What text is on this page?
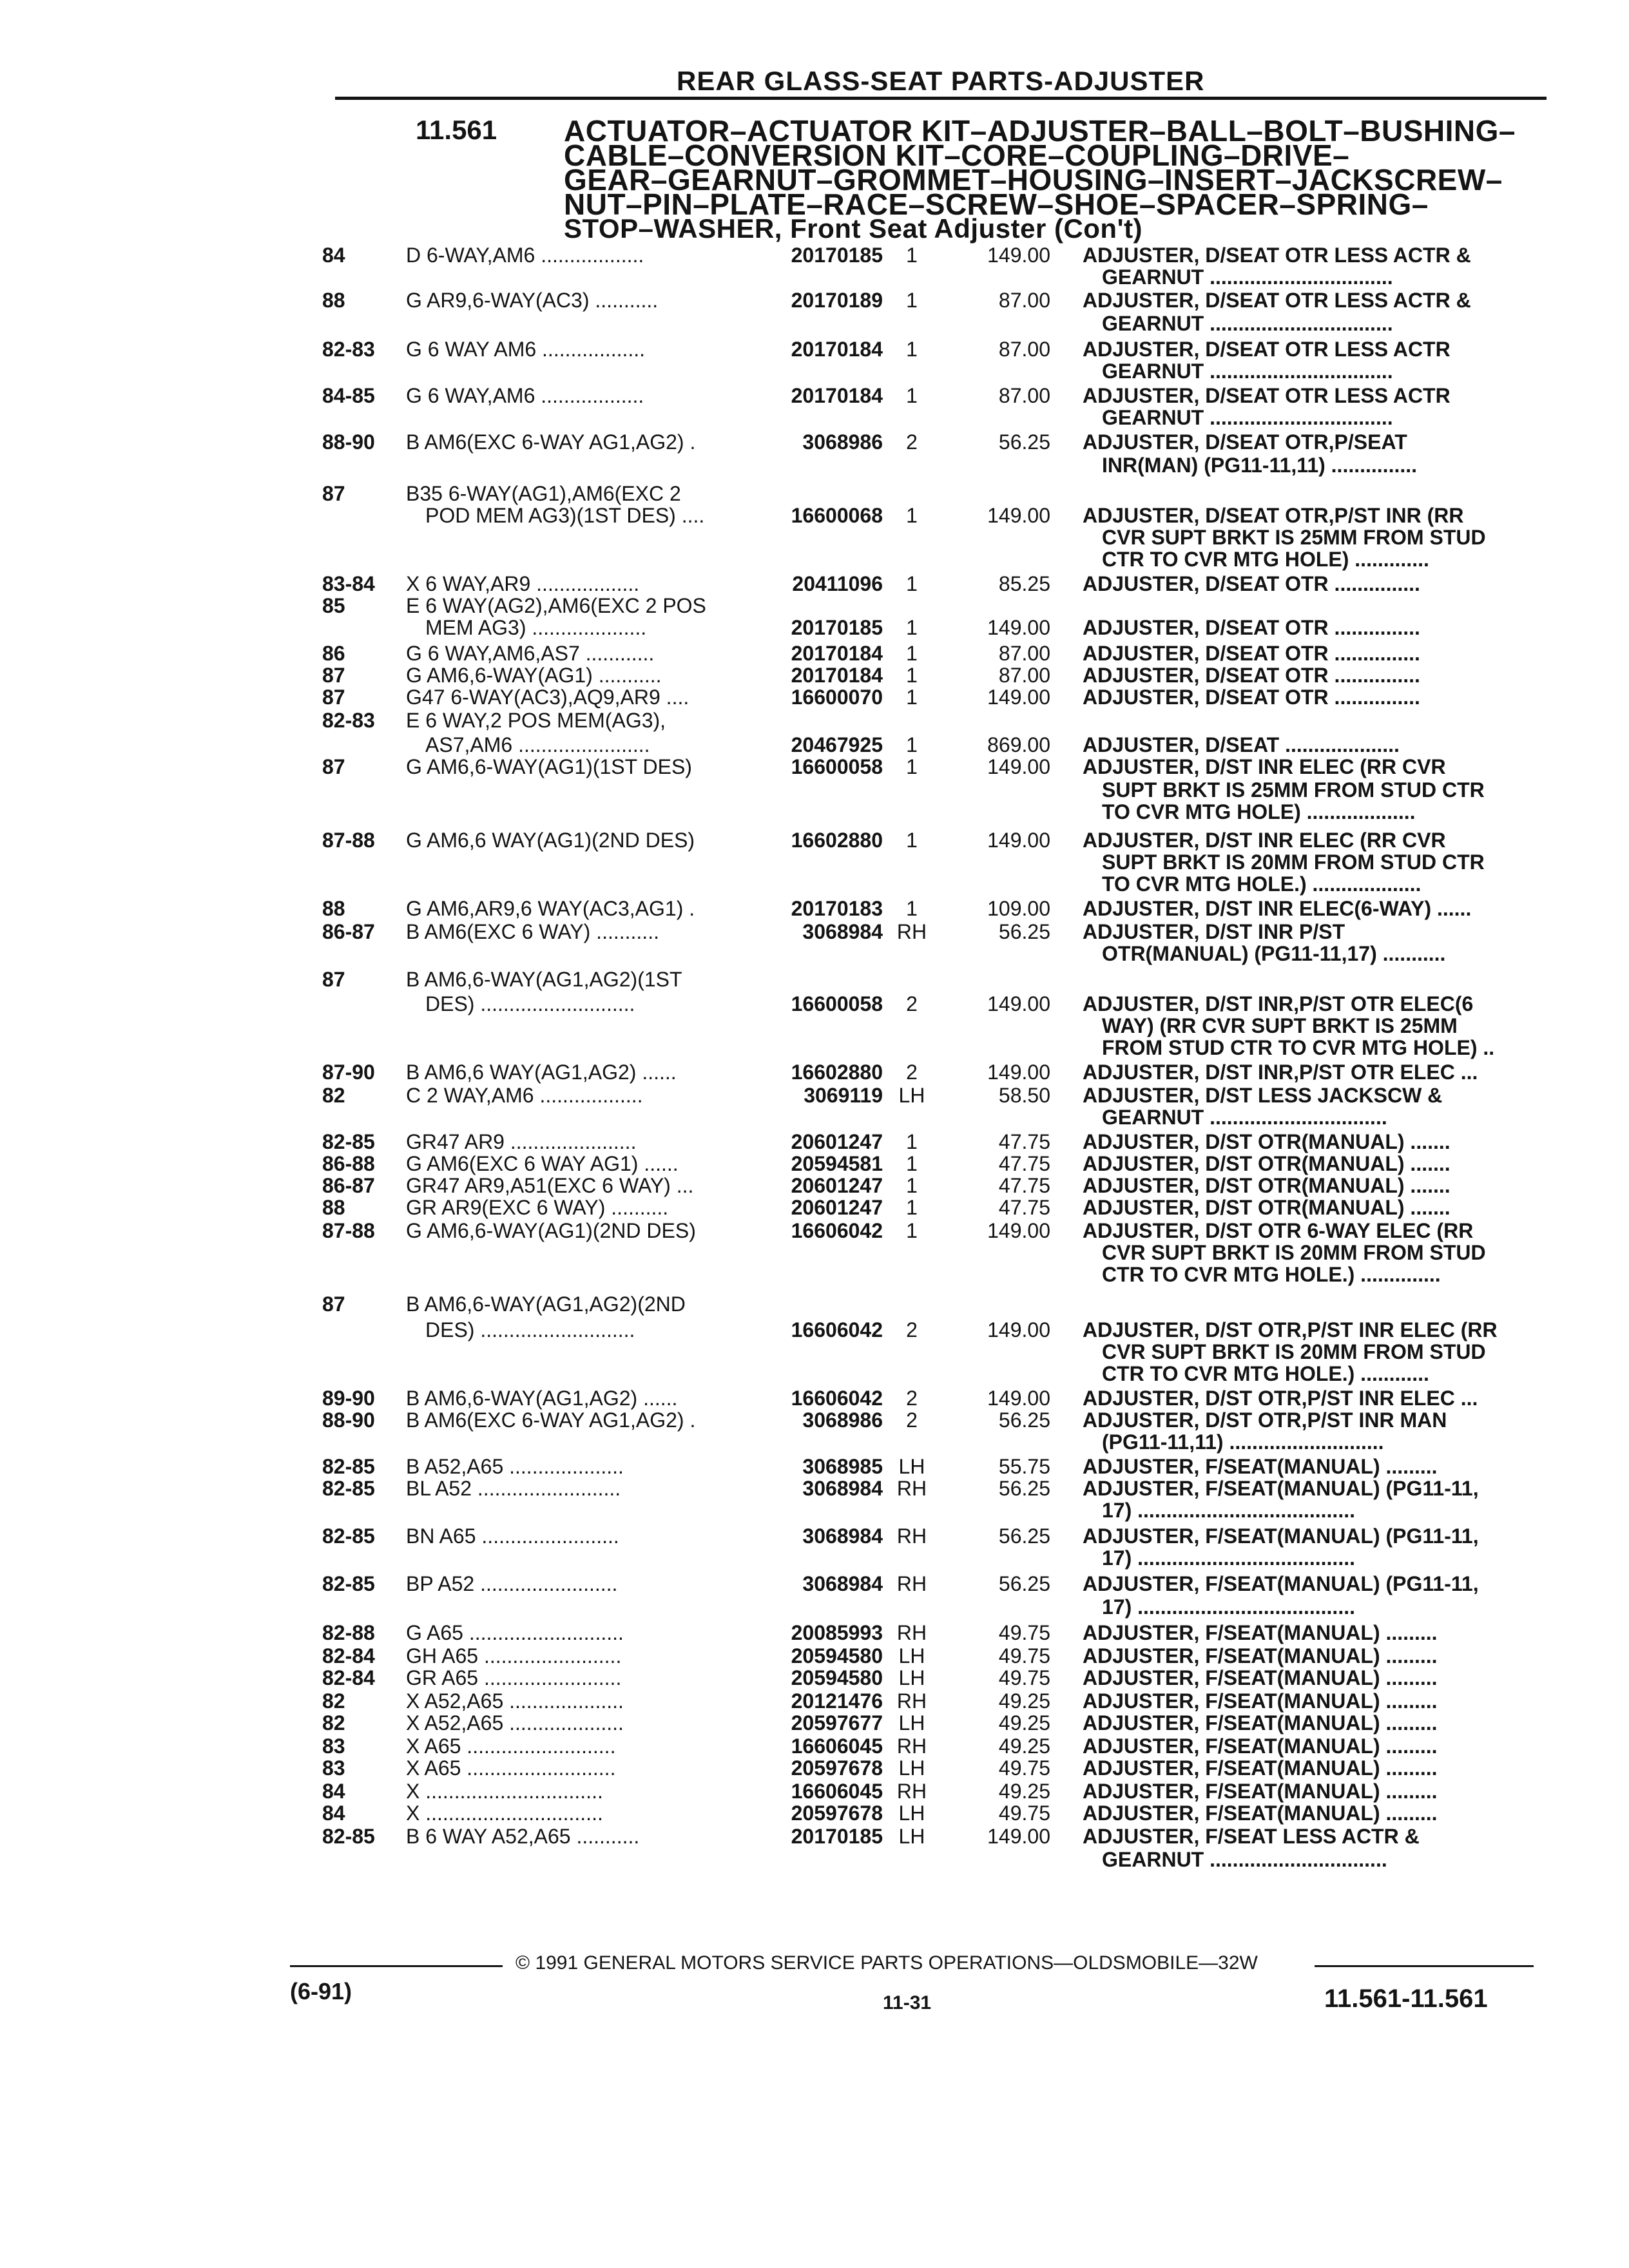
REAR GLASS-SEAT PARTS-ADJUSTER
11.561 ACTUATOR–ACTUATOR KIT–ADJUSTER–BALL–BOLT–BUSHING–
CABLE–CONVERSION KIT–CORE–COUPLING–DRIVE–
GEAR–GEARNUT–GROMMET–HOUSING–INSERT–JACKSCREW–
NUT–PIN–PLATE–RACE–SCREW–SHOE–SPACER–SPRING–
STOP–WASHER, Front Seat Adjuster (Con't)
84	D 6-WAY,AM6 ..................	20170185	1	149.00 ADJUSTER, D/SEAT OTR LESS ACTR &
GEARNUT ................................
88	G AR9,6-WAY(AC3) ...........	20170189	1	87.00 ADJUSTER, D/SEAT OTR LESS ACTR &
GEARNUT ................................
82-83	G 6 WAY AM6 ..................	20170184	1	87.00 ADJUSTER, D/SEAT OTR LESS ACTR
GEARNUT ................................
84-85	G 6 WAY,AM6 ..................	20170184	1	87.00 ADJUSTER, D/SEAT OTR LESS ACTR
GEARNUT ................................
88-90	B AM6(EXC 6-WAY AG1,AG2) .	3068986	2	56.25 ADJUSTER, D/SEAT OTR,P/SEAT
INR(MAN) (PG11-11,11) ...............
87	B35 6-WAY(AG1),AM6(EXC 2
POD MEM AG3)(1ST DES) ....	16600068	1	149.00 ADJUSTER, D/SEAT OTR,P/ST INR (RR
CVR SUPT BRKT IS 25MM FROM STUD
CTR TO CVR MTG HOLE) .............
83-84	X 6 WAY,AR9 ..................	20411096	1	85.25 ADJUSTER, D/SEAT OTR ...............
85	E 6 WAY(AG2),AM6(EXC 2 POS
MEM AG3) ....................	20170185	1	149.00 ADJUSTER, D/SEAT OTR ...............
86	G 6 WAY,AM6,AS7 ............	20170184	1	87.00 ADJUSTER, D/SEAT OTR ...............
87	G AM6,6-WAY(AG1) ...........	20170184	1	87.00 ADJUSTER, D/SEAT OTR ...............
87	G47 6-WAY(AC3),AQ9,AR9 ....	16600070	1	149.00 ADJUSTER, D/SEAT OTR ...............
82-83	E 6 WAY,2 POS MEM(AG3),
AS7,AM6 .......................	20467925	1	869.00 ADJUSTER, D/SEAT ....................
87	G AM6,6-WAY(AG1)(1ST DES)	16600058	1	149.00 ADJUSTER, D/ST INR ELEC (RR CVR
SUPT BRKT IS 25MM FROM STUD CTR
TO CVR MTG HOLE) ...................
87-88	G AM6,6 WAY(AG1)(2ND DES)	16602880	1	149.00 ADJUSTER, D/ST INR ELEC (RR CVR
SUPT BRKT IS 20MM FROM STUD CTR
TO CVR MTG HOLE.) ...................
88	G AM6,AR9,6 WAY(AC3,AG1) .	20170183	1	109.00 ADJUSTER, D/ST INR ELEC(6-WAY) ......
86-87	B AM6(EXC 6 WAY) ...........	3068984 RH	56.25 ADJUSTER, D/ST INR P/ST
OTR(MANUAL) (PG11-11,17) ...........
87	B AM6,6-WAY(AG1,AG2)(1ST
DES) ...........................	16600058	2	149.00 ADJUSTER, D/ST INR,P/ST OTR ELEC(6
WAY) (RR CVR SUPT BRKT IS 25MM
FROM STUD CTR TO CVR MTG HOLE) ..
87-90	B AM6,6 WAY(AG1,AG2) ......	16602880	2	149.00 ADJUSTER, D/ST INR,P/ST OTR ELEC ...
82	C 2 WAY,AM6 ..................	3069119 LH	58.50 ADJUSTER, D/ST LESS JACKSCW &
GEARNUT ...............................
82-85	GR47 AR9 ......................	20601247	1	47.75 ADJUSTER, D/ST OTR(MANUAL) .......
86-88	G AM6(EXC 6 WAY AG1) ......	20594581	1	47.75 ADJUSTER, D/ST OTR(MANUAL) .......
86-87	GR47 AR9,A51(EXC 6 WAY) ...	20601247	1	47.75 ADJUSTER, D/ST OTR(MANUAL) .......
88	GR AR9(EXC 6 WAY) ..........	20601247	1	47.75 ADJUSTER, D/ST OTR(MANUAL) .......
87-88	G AM6,6-WAY(AG1)(2ND DES)	16606042	1	149.00 ADJUSTER, D/ST OTR 6-WAY ELEC (RR
CVR SUPT BRKT IS 20MM FROM STUD
CTR TO CVR MTG HOLE.) ..............
87	B AM6,6-WAY(AG1,AG2)(2ND
DES) ...........................	16606042	2	149.00 ADJUSTER, D/ST OTR,P/ST INR ELEC (RR
CVR SUPT BRKT IS 20MM FROM STUD
CTR TO CVR MTG HOLE.) ............
89-90	B AM6,6-WAY(AG1,AG2) ......	16606042	2	149.00 ADJUSTER, D/ST OTR,P/ST INR ELEC ...
88-90	B AM6(EXC 6-WAY AG1,AG2) .	3068986	2	56.25 ADJUSTER, D/ST OTR,P/ST INR MAN
(PG11-11,11) ...........................
82-85	B A52,A65 ....................	3068985 LH	55.75 ADJUSTER, F/SEAT(MANUAL) .........
82-85	BL A52 .........................	3068984 RH	56.25 ADJUSTER, F/SEAT(MANUAL) (PG11-11,
17) ......................................
82-85	BN A65 ........................	3068984 RH	56.25 ADJUSTER, F/SEAT(MANUAL) (PG11-11,
17) ......................................
82-85	BP A52 ........................	3068984 RH	56.25 ADJUSTER, F/SEAT(MANUAL) (PG11-11,
17) ......................................
82-88	G A65 ...........................	20085993 RH	49.75 ADJUSTER, F/SEAT(MANUAL) .........
82-84	GH A65 ........................	20594580 LH	49.75 ADJUSTER, F/SEAT(MANUAL) .........
82-84	GR A65 ........................	20594580 LH	49.75 ADJUSTER, F/SEAT(MANUAL) .........
82	X A52,A65 ....................	20121476 RH	49.25 ADJUSTER, F/SEAT(MANUAL) .........
82	X A52,A65 ....................	20597677 LH	49.25 ADJUSTER, F/SEAT(MANUAL) .........
83	X A65 ..........................	16606045 RH	49.25 ADJUSTER, F/SEAT(MANUAL) .........
83	X A65 ..........................	20597678 LH	49.75 ADJUSTER, F/SEAT(MANUAL) .........
84	X ...............................	16606045 RH	49.25 ADJUSTER, F/SEAT(MANUAL) .........
84	X ...............................	20597678 LH	49.75 ADJUSTER, F/SEAT(MANUAL) .........
82-85	B 6 WAY A52,A65 ...........	20170185 LH	149.00 ADJUSTER, F/SEAT LESS ACTR &
GEARNUT ...............................
© 1991 GENERAL MOTORS SERVICE PARTS OPERATIONS—OLDSMOBILE—32W
(6-91)	11-31	11.561-11.561
